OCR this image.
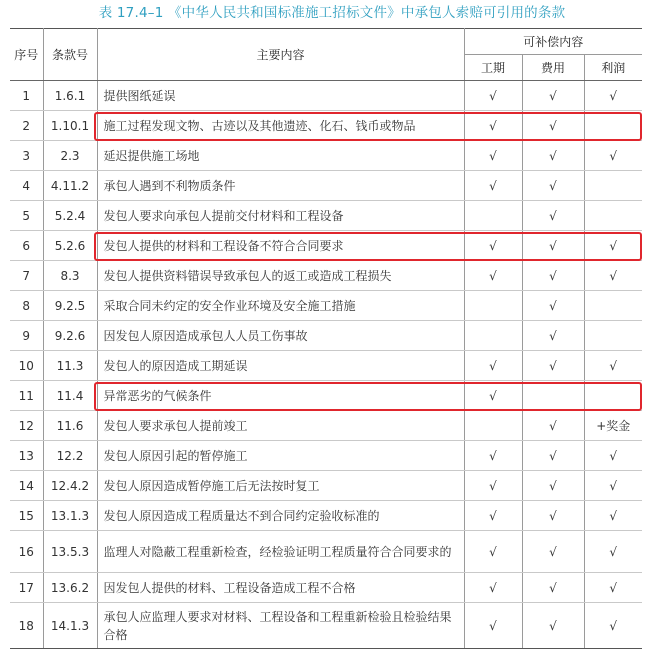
表 17.4–1 《中华人民共和国标准施工招标文件》中承包人索赔可引用的条款
序号	条款号	主要内容	可补偿内容		
			工期	费用	利润
1	1.6.1	提供图纸延误	√	√	√
2	1.10.1	施工过程发现文物、古迹以及其他遗迹、化石、钱币或物品	√	√	
3	2.3	延迟提供施工场地	√	√	√
4	4.11.2	承包人遇到不利物质条件	√	√	
5	5.2.4	发包人要求向承包人提前交付材料和工程设备		√	
6	5.2.6	发包人提供的材料和工程设备不符合合同要求	√	√	√
7	8.3	发包人提供资料错误导致承包人的返工或造成工程损失	√	√	√
8	9.2.5	采取合同未约定的安全作业环境及安全施工措施		√	
9	9.2.6	因发包人原因造成承包人人员工伤事故		√	
10	11.3	发包人的原因造成工期延误	√	√	√
11	11.4	异常恶劣的气候条件	√		
12	11.6	发包人要求承包人提前竣工		√	+奖金
13	12.2	发包人原因引起的暂停施工	√	√	√
14	12.4.2	发包人原因造成暂停施工后无法按时复工	√	√	√
15	13.1.3	发包人原因造成工程质量达不到合同约定验收标准的	√	√	√
16	13.5.3	监理人对隐蔽工程重新检查，经检验证明工程质量符合合同要求的	√	√	√
17	13.6.2	因发包人提供的材料、工程设备造成工程不合格	√	√	√
18	14.1.3	承包人应监理人要求对材料、工程设备和工程重新检验且检验结果合格	√	√	√
